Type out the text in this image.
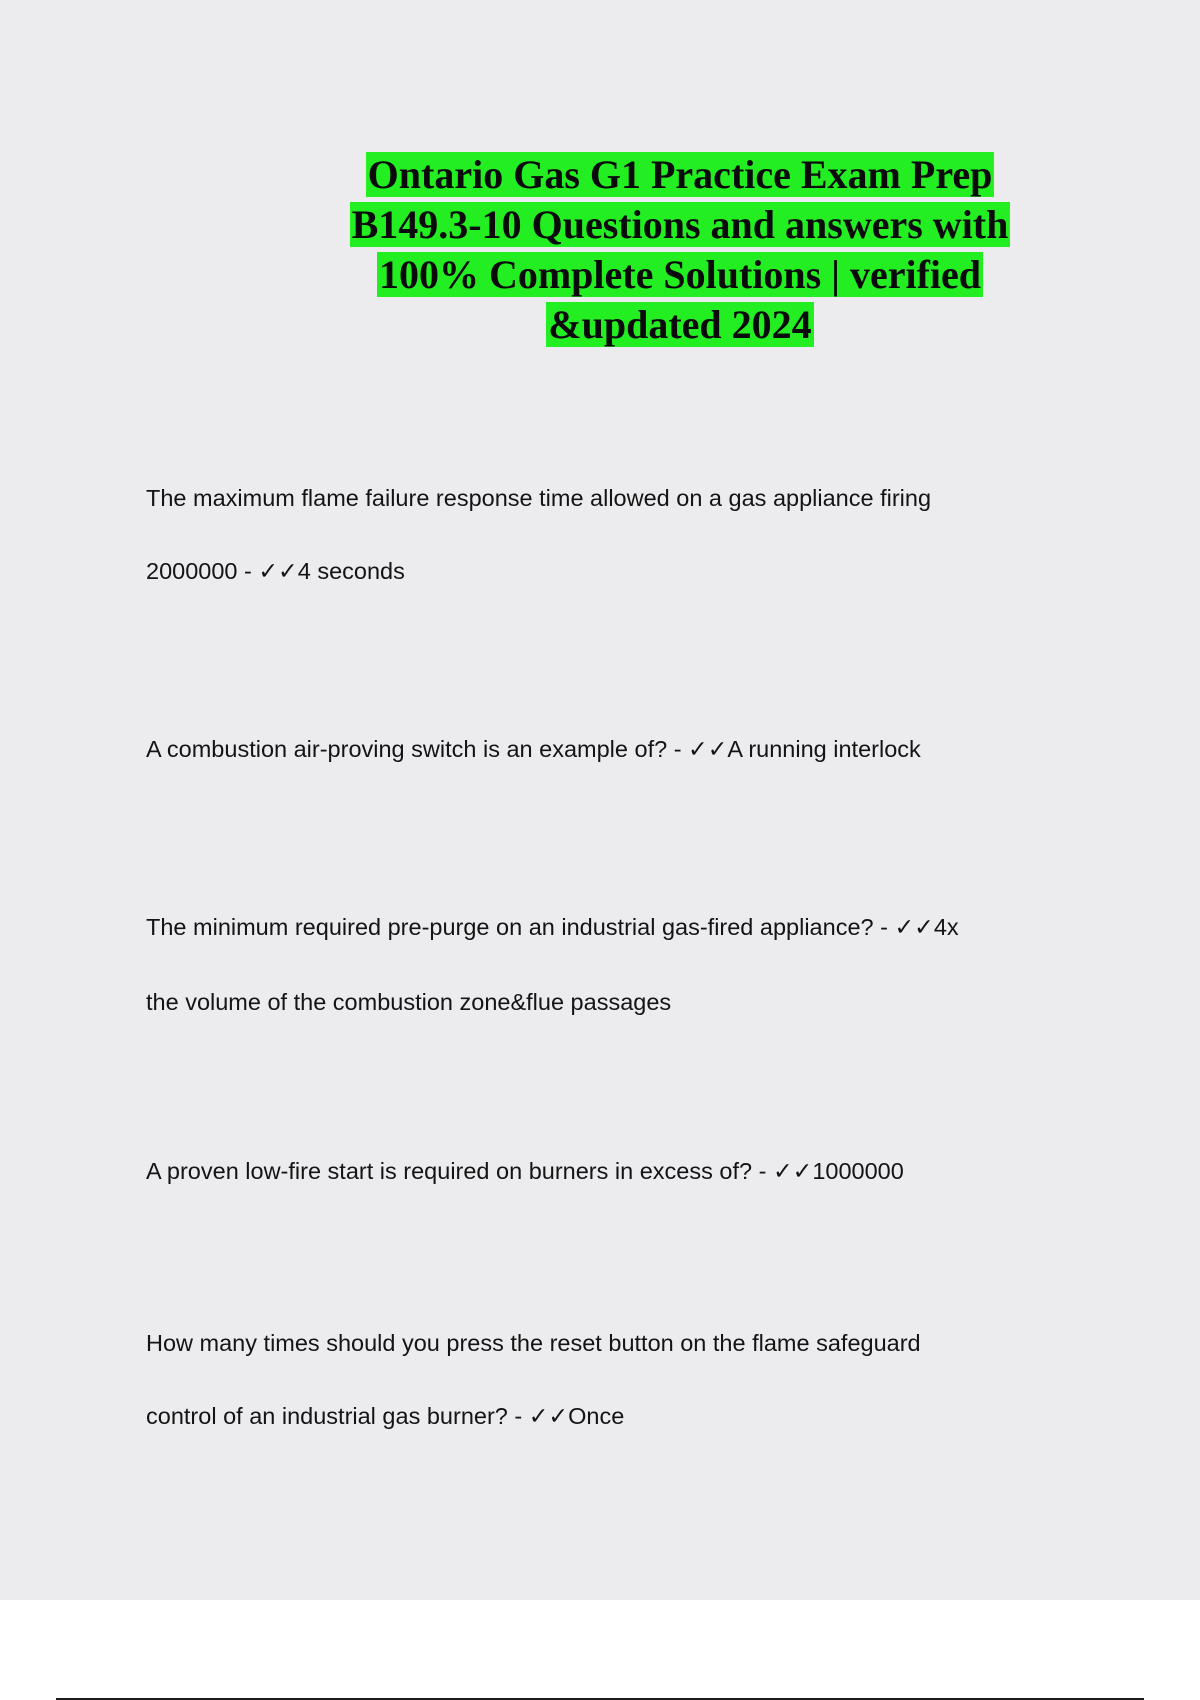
Ontario Gas G1 Practice Exam Prep
B149.3-10 Questions and answers with
100% Complete Solutions | verified
&updated 2024

The maximum flame failure response time allowed on a gas appliance firing
2000000 - ✓✓4 seconds

A combustion air-proving switch is an example of? - ✓✓A running interlock

The minimum required pre-purge on an industrial gas-fired appliance? - ✓✓4x
the volume of the combustion zone&flue passages

A proven low-fire start is required on burners in excess of? - ✓✓1000000

How many times should you press the reset button on the flame safeguard
control of an industrial gas burner? - ✓✓Once
